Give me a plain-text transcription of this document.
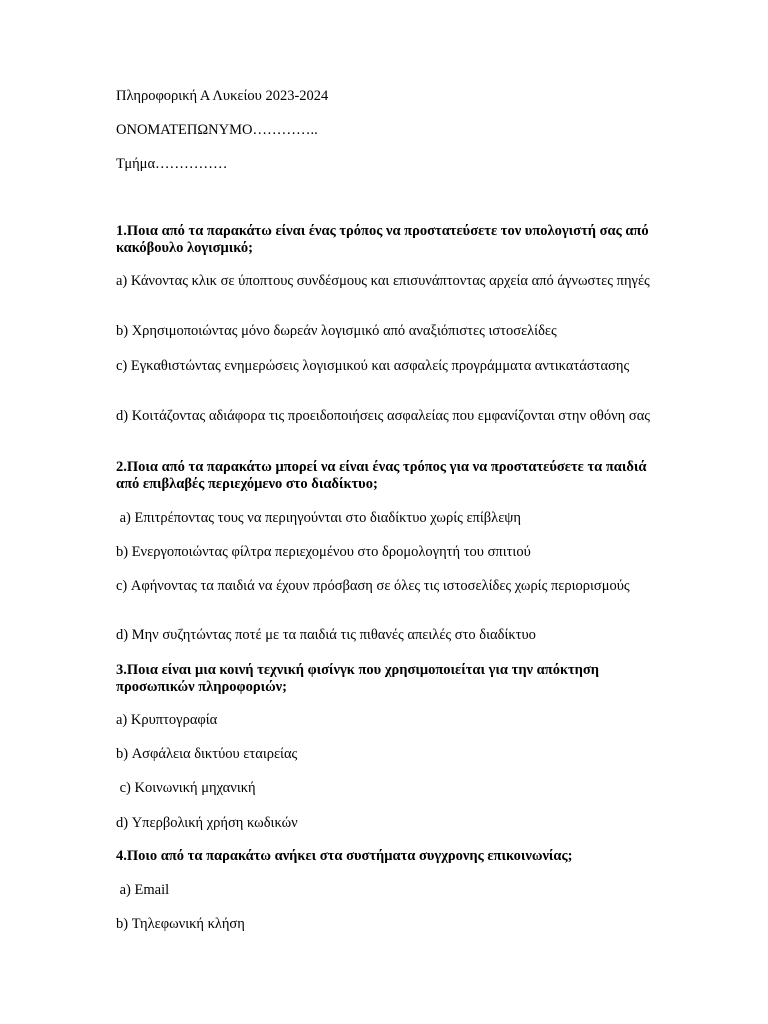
Πληροφορική Α Λυκείου 2023-2024

ΟΝΟΜΑΤΕΠΩΝΥΜΟ…………..

Τμήμα……………

1.Ποια από τα παρακάτω είναι ένας τρόπος να προστατεύσετε τον υπολογιστή σας από κακόβουλο λογισμικό;

a) Κάνοντας κλικ σε ύποπτους συνδέσμους και επισυνάπτοντας αρχεία από άγνωστες πηγές

b) Χρησιμοποιώντας μόνο δωρεάν λογισμικό από αναξιόπιστες ιστοσελίδες

c) Εγκαθιστώντας ενημερώσεις λογισμικού και ασφαλείς προγράμματα αντικατάστασης

d) Κοιτάζοντας αδιάφορα τις προειδοποιήσεις ασφαλείας που εμφανίζονται στην οθόνη σας

2.Ποια από τα παρακάτω μπορεί να είναι ένας τρόπος για να προστατεύσετε τα παιδιά από επιβλαβές περιεχόμενο στο διαδίκτυο;

a) Επιτρέποντας τους να περιηγούνται στο διαδίκτυο χωρίς επίβλεψη

b) Ενεργοποιώντας φίλτρα περιεχομένου στο δρομολογητή του σπιτιού

c) Αφήνοντας τα παιδιά να έχουν πρόσβαση σε όλες τις ιστοσελίδες χωρίς περιορισμούς

d) Μην συζητώντας ποτέ με τα παιδιά τις πιθανές απειλές στο διαδίκτυο

3.Ποια είναι μια κοινή τεχνική φισίνγκ που χρησιμοποιείται για την απόκτηση προσωπικών πληροφοριών;

a) Κρυπτογραφία

b) Ασφάλεια δικτύου εταιρείας

c) Κοινωνική μηχανική

d) Υπερβολική χρήση κωδικών

4.Ποιο από τα παρακάτω ανήκει στα συστήματα συγχρονης επικοινωνίας;

a) Email

b) Τηλεφωνική κλήση
